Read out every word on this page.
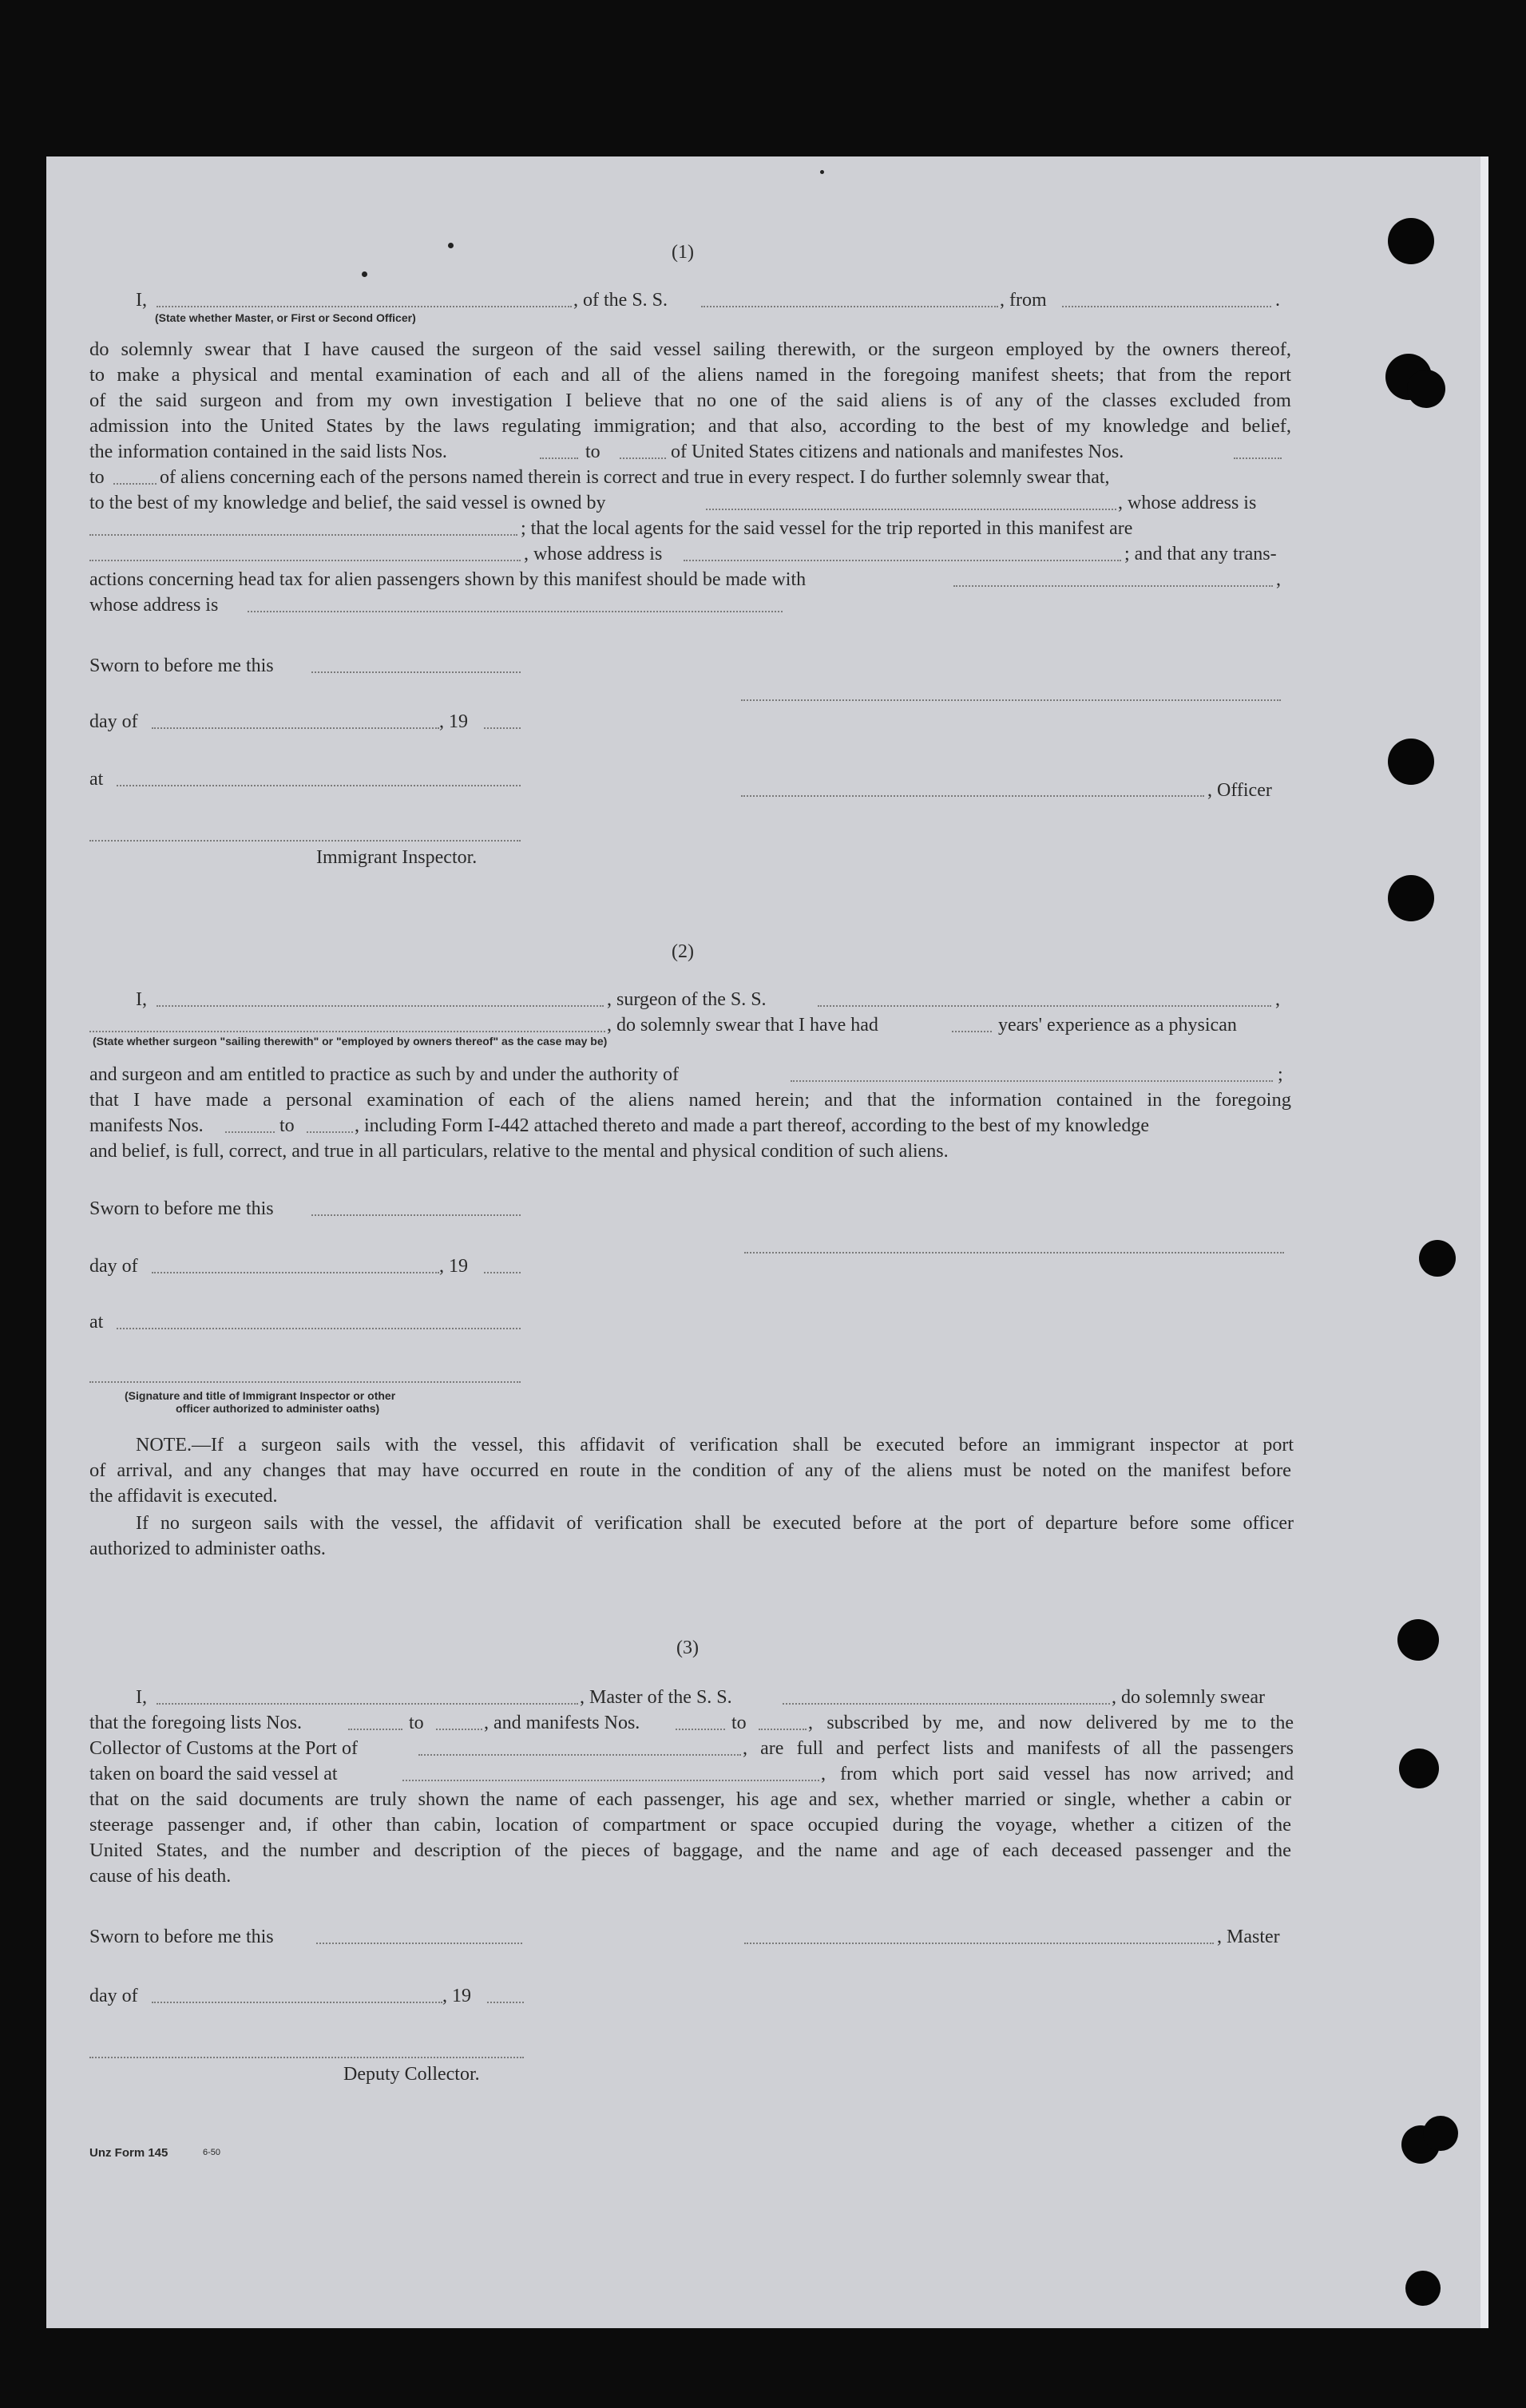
(1)
I,	, of the S. S.	, from	.
(State whether Master, or First or Second Officer)
do solemnly swear that I have caused the surgeon of the said vessel sailing therewith, or the surgeon employed by the owners thereof,
to make a physical and mental examination of each and all of the aliens named in the foregoing manifest sheets; that from the report
of the said surgeon and from my own investigation I believe that no one of the said aliens is of any of the classes excluded from
admission into the United States by the laws regulating immigration; and that also, according to the best of my knowledge and belief,
the information contained in the said lists Nos.	to	of United States citizens and nationals and manifestes Nos.
to	of aliens concerning each of the persons named therein is correct and true in every respect. I do further solemnly swear that,
to the best of my knowledge and belief, the said vessel is owned by	, whose address is
; that the local agents for the said vessel for the trip reported in this manifest are
, whose address is	; and that any trans-
actions concerning head tax for alien passengers shown by this manifest should be made with	,
whose address is
Sworn to before me this
day of	, 19
at
, Officer
Immigrant Inspector.
(2)
I,	, surgeon of the S. S.	,
, do solemnly swear that I have had	years' experience as a physican
(State whether surgeon "sailing therewith" or "employed by owners thereof" as the case may be)
and surgeon and am entitled to practice as such by and under the authority of	;
that I have made a personal examination of each of the aliens named herein; and that the information contained in the foregoing
manifests Nos.	to	, including Form I-442 attached thereto and made a part thereof, according to the best of my knowledge
and belief, is full, correct, and true in all particulars, relative to the mental and physical condition of such aliens.
Sworn to before me this
day of	, 19
at
(Signature and title of Immigrant Inspector or other
officer authorized to administer oaths)
NOTE.—If a surgeon sails with the vessel, this affidavit of verification shall be executed before an immigrant inspector at port
of arrival, and any changes that may have occurred en route in the condition of any of the aliens must be noted on the manifest before
the affidavit is executed.
If no surgeon sails with the vessel, the affidavit of verification shall be executed before at the port of departure before some officer
authorized to administer oaths.
(3)
I,	, Master of the S. S.	, do solemnly swear
that the foregoing lists Nos.	to	, and manifests Nos.	to	, subscribed by me, and now delivered by me to the
Collector of Customs at the Port of	, are full and perfect lists and manifests of all the passengers
taken on board the said vessel at	, from which port said vessel has now arrived; and
that on the said documents are truly shown the name of each passenger, his age and sex, whether married or single, whether a cabin or
steerage passenger and, if other than cabin, location of compartment or space occupied during the voyage, whether a citizen of the
United States, and the number and description of the pieces of baggage, and the name and age of each deceased passenger and the
cause of his death.
Sworn to before me this	, Master
day of	, 19
Deputy Collector.
Unz Form 145	6-50
